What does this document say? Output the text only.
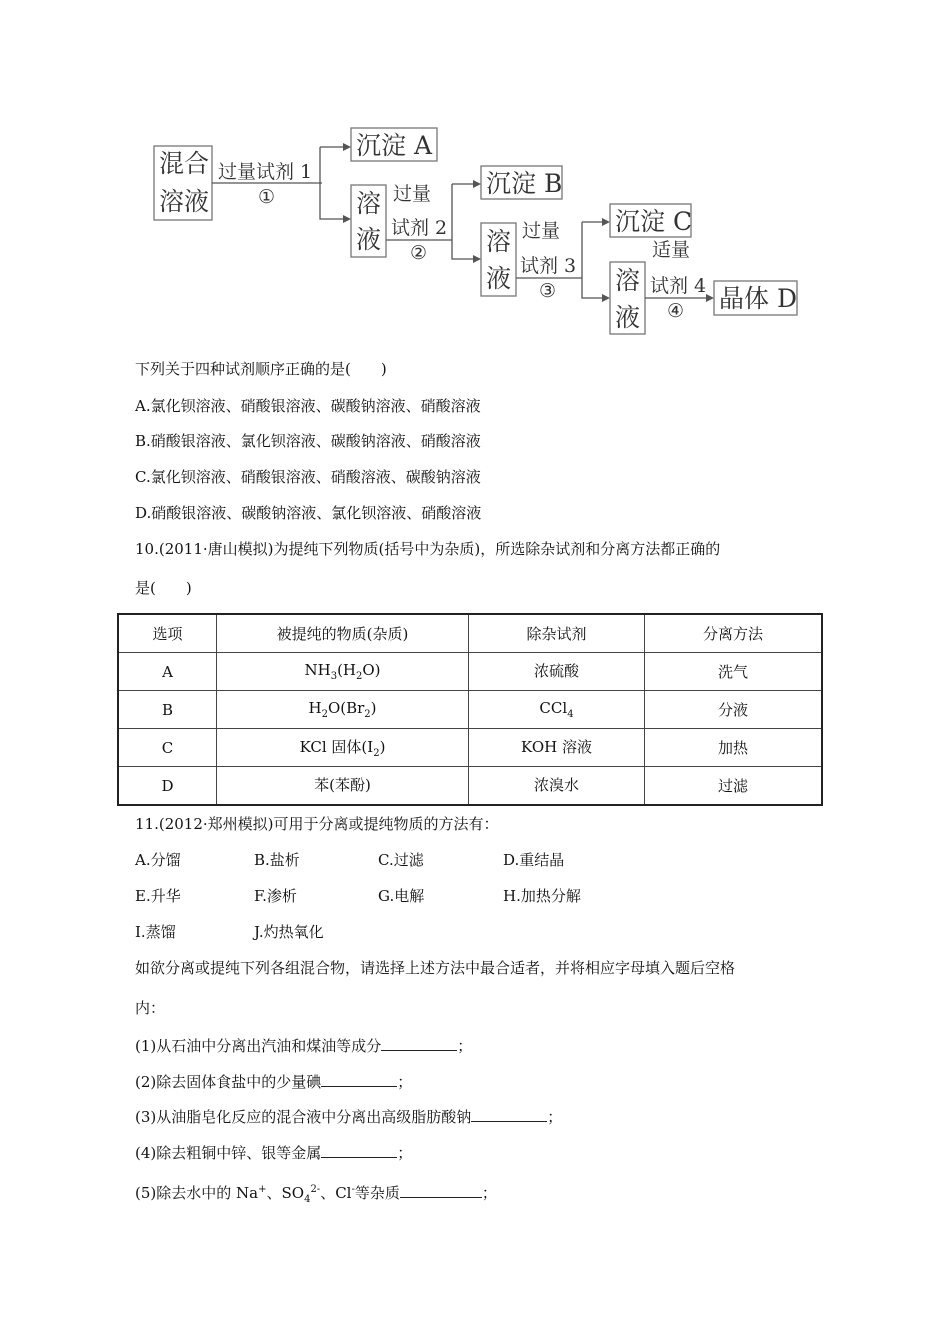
混合
溶液
沉淀 A
溶
液
沉淀 B
溶
液
沉淀 C
溶
液
晶体 D
过量试剂 1
①	过量
试剂 2
②
过量
试剂 3
③
适量
试剂 4
④
下列关于四种试剂顺序正确的是(　　)
A.氯化钡溶液、硝酸银溶液、碳酸钠溶液、硝酸溶液
B.硝酸银溶液、氯化钡溶液、碳酸钠溶液、硝酸溶液
C.氯化钡溶液、硝酸银溶液、硝酸溶液、碳酸钠溶液
D.硝酸银溶液、碳酸钠溶液、氯化钡溶液、硝酸溶液
10.(2011·唐山模拟)为提纯下列物质(括号中为杂质)，所选除杂试剂和分离方法都正确的
是(　　)
选项	被提纯的物质(杂质)	除杂试剂	分离方法
A	$NH_3(H_2O)$	浓硫酸	洗气
B	$H_2O(Br_2)$	CCl$_4$	分液
C	KCl 固体$(I_2)$	KOH 溶液	加热
D	苯(苯酚)	浓溴水	过滤
11.(2012·郑州模拟)可用于分离或提纯物质的方法有：
A.分馏	B.盐析	C.过滤	D.重结晶
E.升华	F.渗析	G.电解	H.加热分解
I.蒸馏	J.灼热氧化
如欲分离或提纯下列各组混合物，请选择上述方法中最合适者，并将相应字母填入题后空格
内：
(1)从石油中分离出汽油和煤油等成分	；
(2)除去固体食盐中的少量碘	；
(3)从油脂皂化反应的混合液中分离出高级脂肪酸钠	；
(4)除去粗铜中锌、银等金属	；
(5)除去水中的 Na+、$SO_4^{2-}$、Cl-等杂质	；
